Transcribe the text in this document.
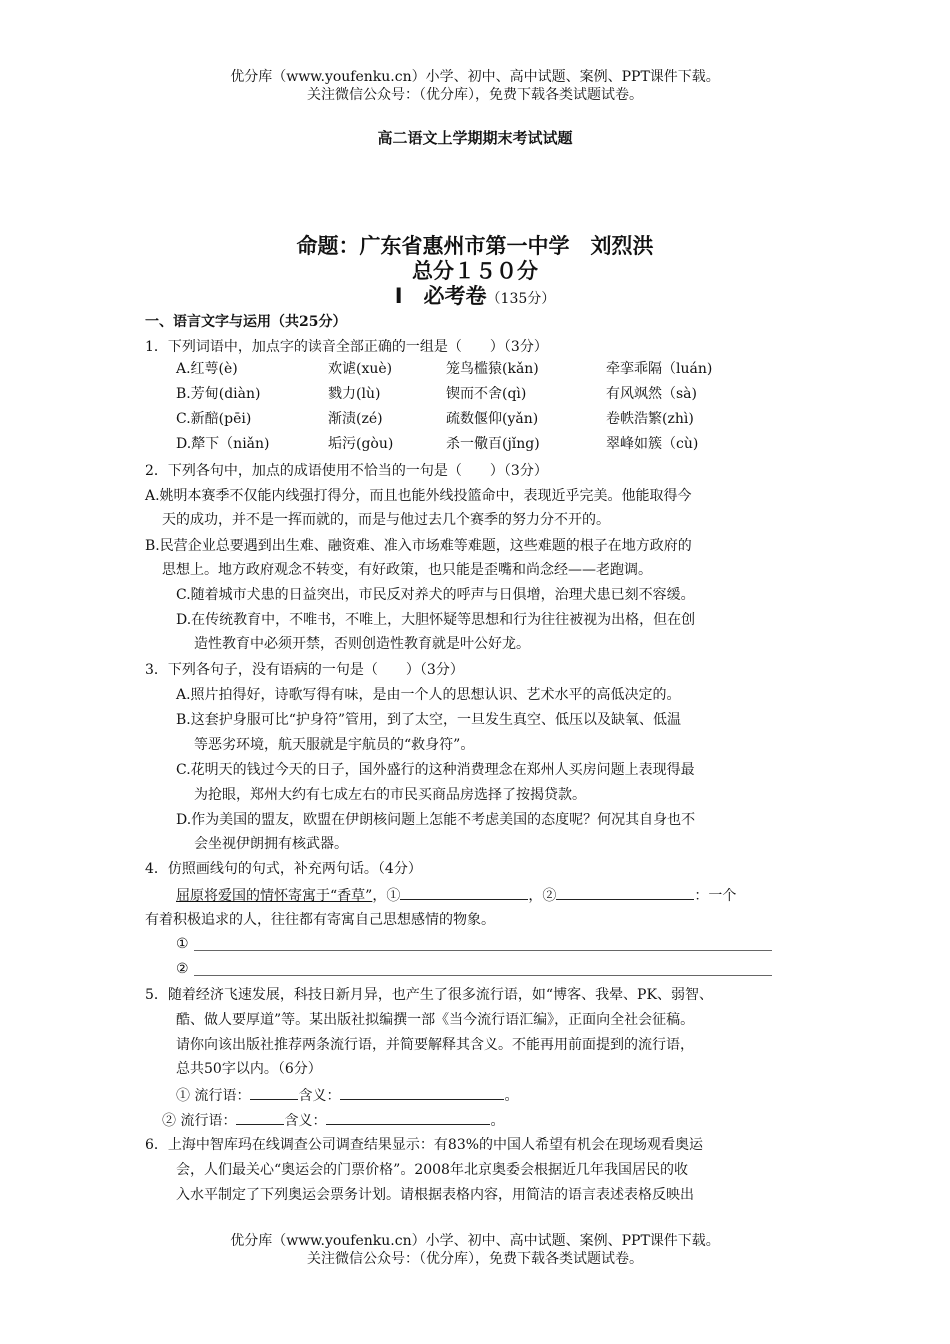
优分库（www.youfenku.cn）小学、初中、高中试题、案例、PPT课件下载。
关注微信公众号：（优分库），免费下载各类试题试卷。
高二语文上学期期末考试试题
命题：广东省惠州市第一中学　刘烈洪
总分１５０分
Ⅰ　必考卷（135分）
一、语言文字与运用（共25分）
1．下列词语中，加点字的读音全部正确的一组是（　　）（3分）
A.红萼(è)	欢谑(xuè)	笼鸟槛猿(kǎn)	牵挛乖隔（luán)
B.芳甸(diàn)	戮力(lù)	锲而不舍(qì)	有风飒然（sà)
C.新醅(pēi)	渐渍(zé)	疏数偃仰(yǎn)	卷帙浩繁(zhì)
D.犛下（niǎn)	垢污(gòu)	杀一儆百(jǐng)	翠峰如簇（cù)
2．下列各句中，加点的成语使用不恰当的一句是（　　）（3分）
A.姚明本赛季不仅能内线强打得分，而且也能外线投篮命中，表现近乎完美。他能取得今
天的成功，并不是一挥而就的，而是与他过去几个赛季的努力分不开的。
B.民营企业总要遇到出生难、融资难、准入市场难等难题，这些难题的根子在地方政府的
思想上。地方政府观念不转变，有好政策，也只能是歪嘴和尚念经——老跑调。
C.随着城市犬患的日益突出，市民反对养犬的呼声与日俱增，治理犬患已刻不容缓。
D.在传统教育中，不唯书，不唯上，大胆怀疑等思想和行为往往被视为出格，但在创
造性教育中必须开禁，否则创造性教育就是叶公好龙。
3．下列各句子，没有语病的一句是（　　）（3分）
A.照片拍得好，诗歌写得有味，是由一个人的思想认识、艺术水平的高低决定的。
B.这套护身服可比“护身符”管用，到了太空，一旦发生真空、低压以及缺氧、低温
等恶劣环境，航天服就是宇航员的“救身符”。
C.花明天的钱过今天的日子，国外盛行的这种消费理念在郑州人买房问题上表现得最
为抢眼，郑州大约有七成左右的市民买商品房选择了按揭贷款。
D.作为美国的盟友，欧盟在伊朗核问题上怎能不考虑美国的态度呢？何况其自身也不
会坐视伊朗拥有核武器。
4．仿照画线句的句式，补充两句话。（4分）
屈原将爱国的情怀寄寓于“香草”，①	，②	：一个
有着积极追求的人，往往都有寄寓自己思想感情的物象。
①
②
5．随着经济飞速发展，科技日新月异，也产生了很多流行语，如“博客、我晕、PK、弱智、
酷、做人要厚道”等。某出版社拟编撰一部《当今流行语汇编》，正面向全社会征稿。
请你向该出版社推荐两条流行语，并简要解释其含义。不能再用前面提到的流行语，
总共50字以内。（6分）
① 流行语：	含义：	。
② 流行语：	含义：	。
6．上海中智库玛在线调查公司调查结果显示：有83%的中国人希望有机会在现场观看奥运
会，人们最关心“奥运会的门票价格”。2008年北京奥委会根据近几年我国居民的收
入水平制定了下列奥运会票务计划。请根据表格内容，用简洁的语言表述表格反映出
优分库（www.youfenku.cn）小学、初中、高中试题、案例、PPT课件下载。
关注微信公众号：（优分库），免费下载各类试题试卷。
